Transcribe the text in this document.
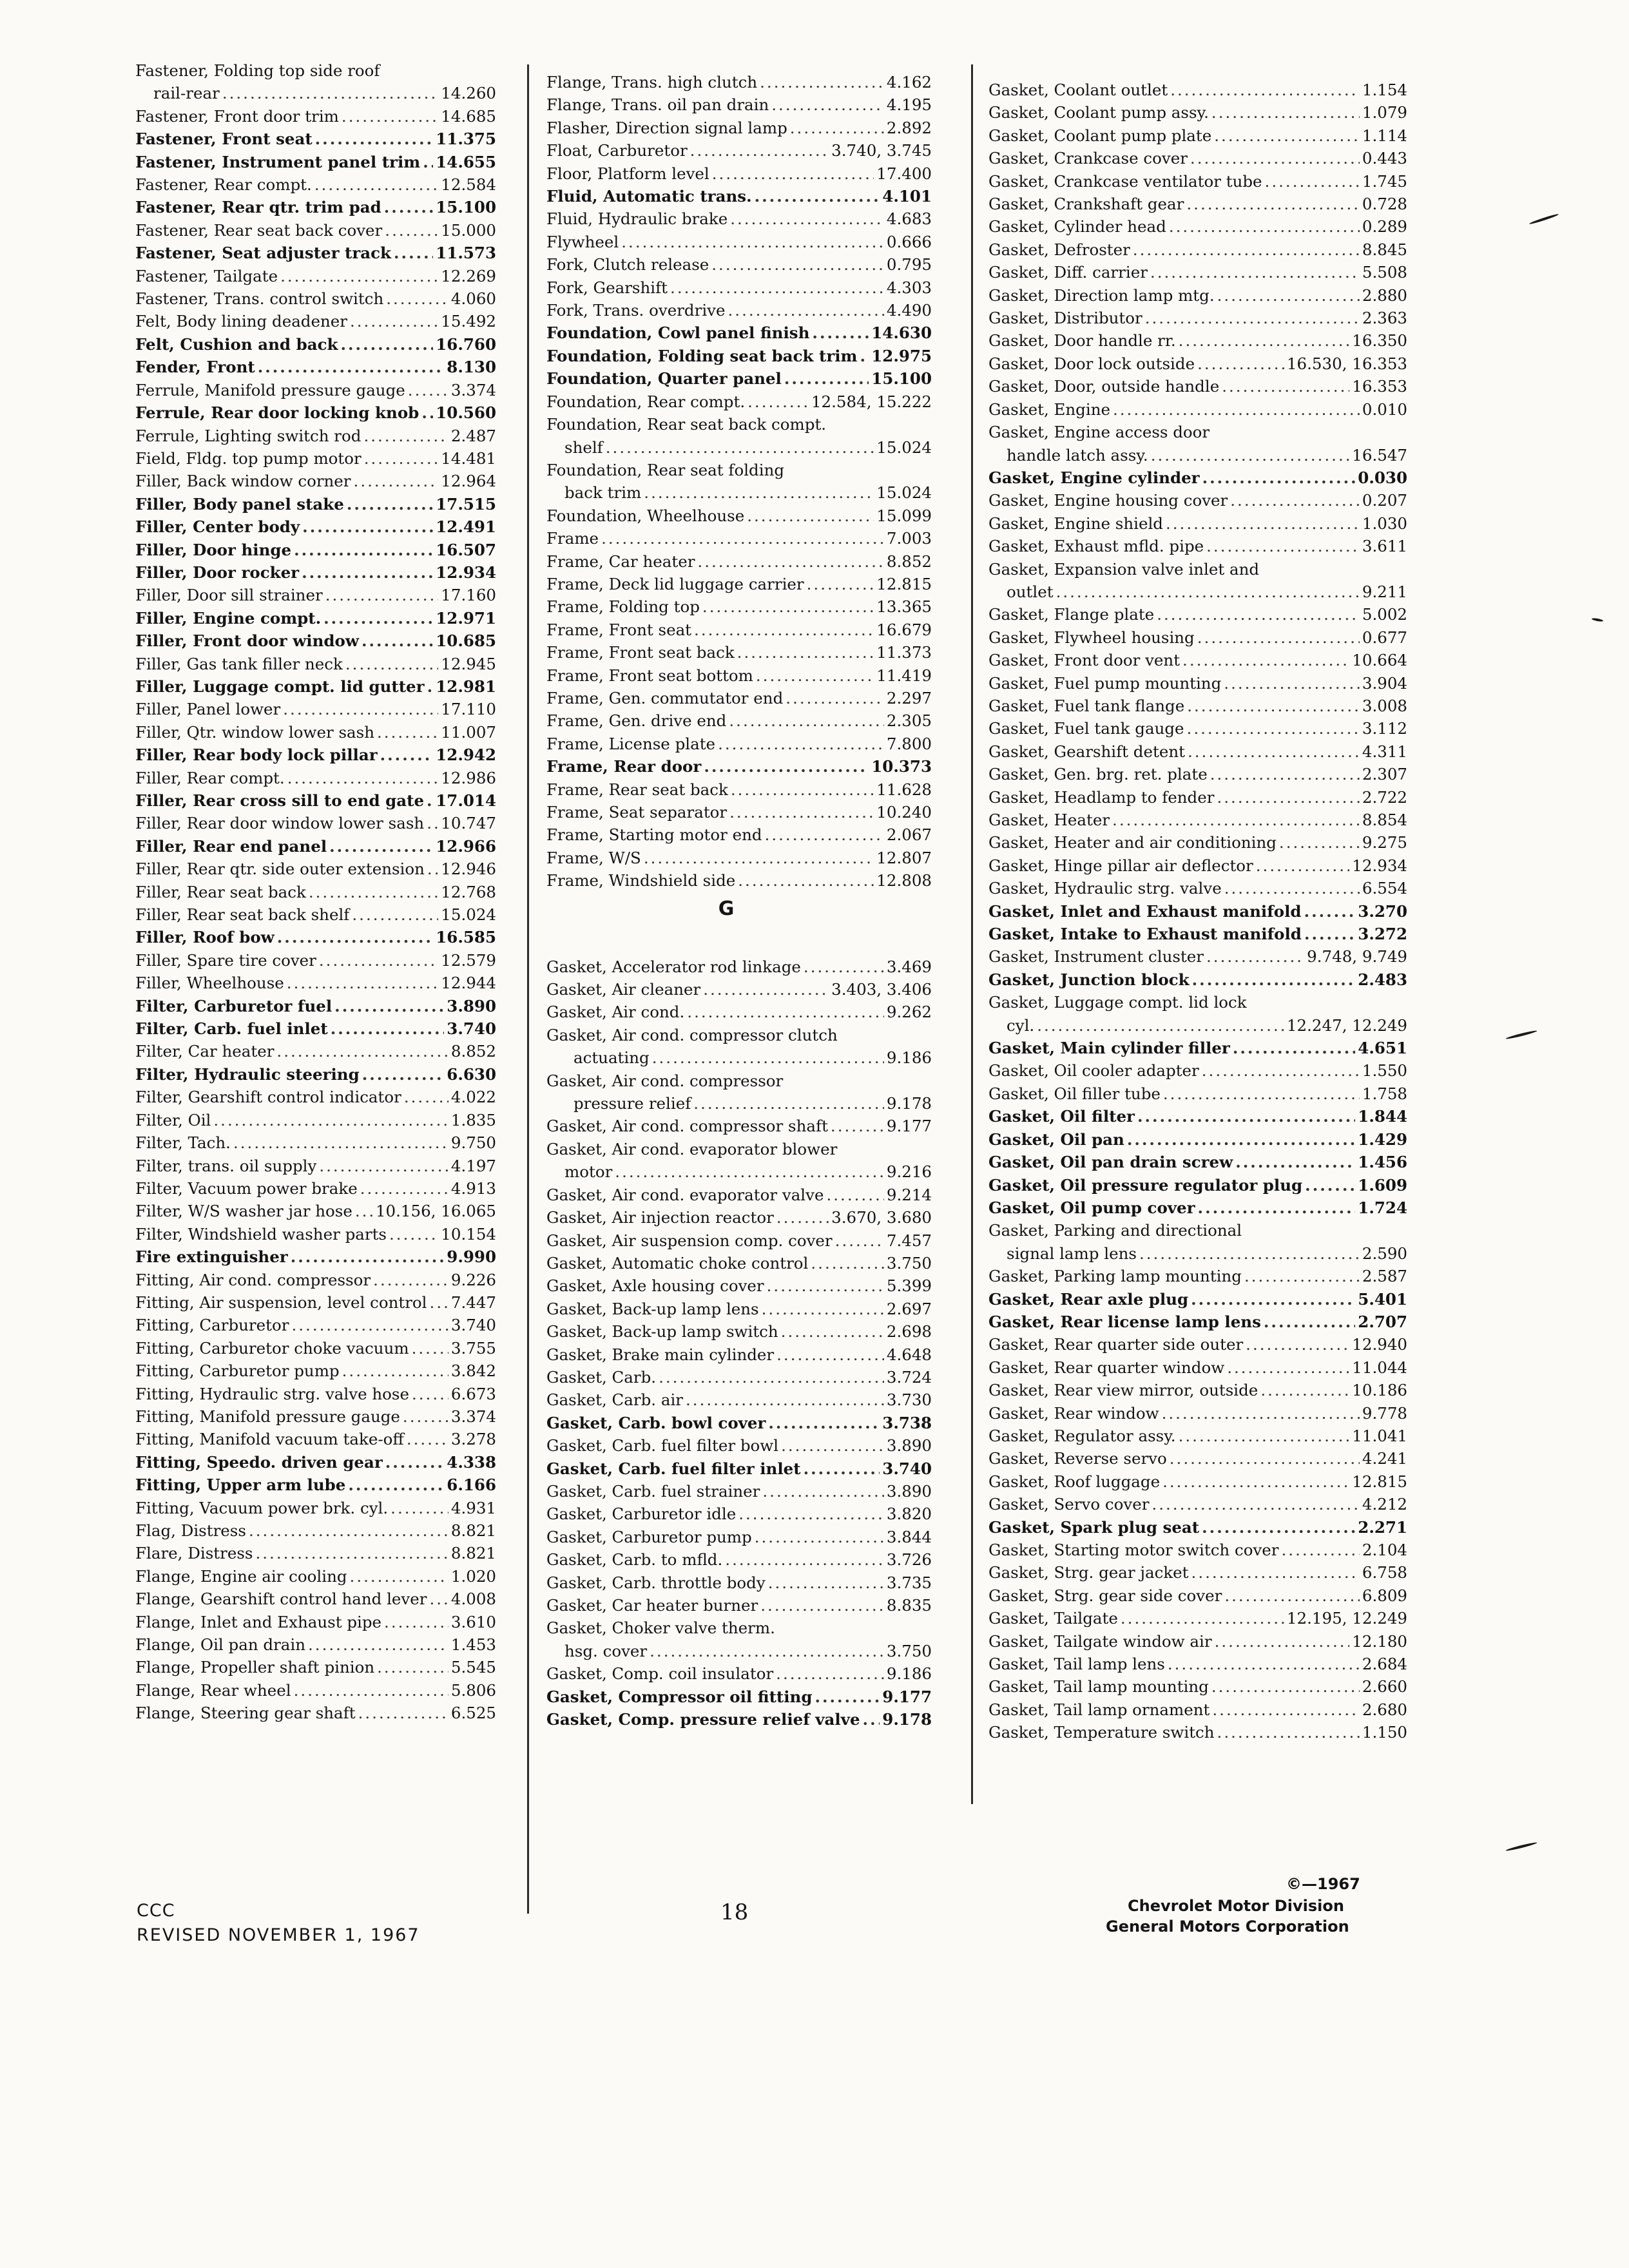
Fastener, Folding top side roof
rail-rear .....	14.260
Fastener, Front door trim .....	14.685
Fastener, Front seat .....	11.375
Fastener, Instrument panel trim ..... 14.655
Fastener, Rear compt. .....	12.584
Fastener, Rear qtr. trim pad .....	15.100
Fastener, Rear seat back cover .....	15.000
Fastener, Seat adjuster track .....	11.573
Fastener, Tailgate .....	12.269
Fastener, Trans. control switch .....	4.060
Felt, Body lining deadener .....	15.492
Felt, Cushion and back .....	16.760
Fender, Front .....	8.130
Ferrule, Manifold pressure gauge .....	3.374
Ferrule, Rear door locking knob ..... 10.560
Ferrule, Lighting switch rod .....	2.487
Field, Fldg. top pump motor .....	14.481
Filler, Back window corner .....	12.964
Filler, Body panel stake .....	17.515
Filler, Center body .....	12.491
Filler, Door hinge .....	16.507
Filler, Door rocker .....	12.934
Filler, Door sill strainer .....	17.160
Filler, Engine compt. .....	12.971
Filler, Front door window .....	10.685
Filler, Gas tank filler neck .....	12.945
Filler, Luggage compt. lid gutter ..... 12.981
Filler, Panel lower .....	17.110
Filler, Qtr. window lower sash .....	11.007
Filler, Rear body lock pillar .....	12.942
Filler, Rear compt. .....	12.986
Filler, Rear cross sill to end gate ..... 17.014
Filler, Rear door window lower sash ..... 10.747
Filler, Rear end panel .....	12.966
Filler, Rear qtr. side outer extension ..... 12.946
Filler, Rear seat back .....	12.768
Filler, Rear seat back shelf .....	15.024
Filler, Roof bow .....	16.585
Filler, Spare tire cover .....	12.579
Filler, Wheelhouse .....	12.944
Filter, Carburetor fuel .....	3.890
Filter, Carb. fuel inlet .....	3.740
Filter, Car heater .....	8.852
Filter, Hydraulic steering .....	6.630
Filter, Gearshift control indicator .....	4.022
Filter, Oil .....	1.835
Filter, Tach. .....	9.750
Filter, trans. oil supply .....	4.197
Filter, Vacuum power brake .....	4.913
Filter, W/S washer jar hose ..... 10.156, 16.065
Filter, Windshield washer parts .....	10.154
Fire extinguisher .....	9.990
Fitting, Air cond. compressor .....	9.226
Fitting, Air suspension, level control ..... 7.447
Fitting, Carburetor .....	3.740
Fitting, Carburetor choke vacuum .....	3.755
Fitting, Carburetor pump .....	3.842
Fitting, Hydraulic strg. valve hose .....	6.673
Fitting, Manifold pressure gauge .....	3.374
Fitting, Manifold vacuum take-off .....	3.278
Fitting, Speedo. driven gear .....	4.338
Fitting, Upper arm lube .....	6.166
Fitting, Vacuum power brk. cyl. .....	4.931
Flag, Distress .....	8.821
Flare, Distress .....	8.821
Flange, Engine air cooling .....	1.020
Flange, Gearshift control hand lever ..... 4.008
Flange, Inlet and Exhaust pipe .....	3.610
Flange, Oil pan drain .....	1.453
Flange, Propeller shaft pinion .....	5.545
Flange, Rear wheel .....	5.806
Flange, Steering gear shaft .....	6.525
Flange, Trans. high clutch .....	4.162
Flange, Trans. oil pan drain .....	4.195
Flasher, Direction signal lamp .....	2.892
Float, Carburetor .....	3.740, 3.745
Floor, Platform level .....	17.400
Fluid, Automatic trans. .....	4.101
Fluid, Hydraulic brake .....	4.683
Flywheel .....	0.666
Fork, Clutch release .....	0.795
Fork, Gearshift .....	4.303
Fork, Trans. overdrive .....	4.490
Foundation, Cowl panel finish .....	14.630
Foundation, Folding seat back trim ..... 12.975
Foundation, Quarter panel .....	15.100
Foundation, Rear compt. .....	12.584, 15.222
Foundation, Rear seat back compt.
shelf .....	15.024
Foundation, Rear seat folding
back trim .....	15.024
Foundation, Wheelhouse .....	15.099
Frame .....	7.003
Frame, Car heater .....	8.852
Frame, Deck lid luggage carrier .....	12.815
Frame, Folding top .....	13.365
Frame, Front seat .....	16.679
Frame, Front seat back .....	11.373
Frame, Front seat bottom .....	11.419
Frame, Gen. commutator end .....	2.297
Frame, Gen. drive end .....	2.305
Frame, License plate .....	7.800
Frame, Rear door .....	10.373
Frame, Rear seat back .....	11.628
Frame, Seat separator .....	10.240
Frame, Starting motor end .....	2.067
Frame, W/S .....	12.807
Frame, Windshield side .....	12.808
G
Gasket, Accelerator rod linkage .....	3.469
Gasket, Air cleaner .....	3.403, 3.406
Gasket, Air cond. .....	9.262
Gasket, Air cond. compressor clutch
actuating .....	9.186
Gasket, Air cond. compressor
pressure relief .....	9.178
Gasket, Air cond. compressor shaft .....	9.177
Gasket, Air cond. evaporator blower
motor .....	9.216
Gasket, Air cond. evaporator valve .....	9.214
Gasket, Air injection reactor .....	3.670, 3.680
Gasket, Air suspension comp. cover .....	7.457
Gasket, Automatic choke control .....	3.750
Gasket, Axle housing cover .....	5.399
Gasket, Back-up lamp lens .....	2.697
Gasket, Back-up lamp switch .....	2.698
Gasket, Brake main cylinder .....	4.648
Gasket, Carb. .....	3.724
Gasket, Carb. air .....	3.730
Gasket, Carb. bowl cover .....	3.738
Gasket, Carb. fuel filter bowl .....	3.890
Gasket, Carb. fuel filter inlet .....	3.740
Gasket, Carb. fuel strainer .....	3.890
Gasket, Carburetor idle .....	3.820
Gasket, Carburetor pump .....	3.844
Gasket, Carb. to mfld. .....	3.726
Gasket, Carb. throttle body .....	3.735
Gasket, Car heater burner .....	8.835
Gasket, Choker valve therm.
hsg. cover .....	3.750
Gasket, Comp. coil insulator .....	9.186
Gasket, Compressor oil fitting .....	9.177
Gasket, Comp. pressure relief valve ..... 9.178
Gasket, Coolant outlet .....	1.154
Gasket, Coolant pump assy. .....	1.079
Gasket, Coolant pump plate .....	1.114
Gasket, Crankcase cover .....	0.443
Gasket, Crankcase ventilator tube .....	1.745
Gasket, Crankshaft gear .....	0.728
Gasket, Cylinder head .....	0.289
Gasket, Defroster .....	8.845
Gasket, Diff. carrier .....	5.508
Gasket, Direction lamp mtg. .....	2.880
Gasket, Distributor .....	2.363
Gasket, Door handle rr. .....	16.350
Gasket, Door lock outside .....	16.530, 16.353
Gasket, Door, outside handle .....	16.353
Gasket, Engine .....	0.010
Gasket, Engine access door
handle latch assy. .....	16.547
Gasket, Engine cylinder .....	0.030
Gasket, Engine housing cover .....	0.207
Gasket, Engine shield .....	1.030
Gasket, Exhaust mfld. pipe .....	3.611
Gasket, Expansion valve inlet and
outlet .....	9.211
Gasket, Flange plate .....	5.002
Gasket, Flywheel housing .....	0.677
Gasket, Front door vent .....	10.664
Gasket, Fuel pump mounting .....	3.904
Gasket, Fuel tank flange .....	3.008
Gasket, Fuel tank gauge .....	3.112
Gasket, Gearshift detent .....	4.311
Gasket, Gen. brg. ret. plate .....	2.307
Gasket, Headlamp to fender .....	2.722
Gasket, Heater .....	8.854
Gasket, Heater and air conditioning .....	9.275
Gasket, Hinge pillar air deflector .....	12.934
Gasket, Hydraulic strg. valve .....	6.554
Gasket, Inlet and Exhaust manifold .....	3.270
Gasket, Intake to Exhaust manifold .....	3.272
Gasket, Instrument cluster .....	9.748, 9.749
Gasket, Junction block .....	2.483
Gasket, Luggage compt. lid lock
cyl. .....	12.247, 12.249
Gasket, Main cylinder filler .....	4.651
Gasket, Oil cooler adapter .....	1.550
Gasket, Oil filler tube .....	1.758
Gasket, Oil filter .....	1.844
Gasket, Oil pan .....	1.429
Gasket, Oil pan drain screw .....	1.456
Gasket, Oil pressure regulator plug .....	1.609
Gasket, Oil pump cover .....	1.724
Gasket, Parking and directional
signal lamp lens .....	2.590
Gasket, Parking lamp mounting .....	2.587
Gasket, Rear axle plug .....	5.401
Gasket, Rear license lamp lens .....	2.707
Gasket, Rear quarter side outer .....	12.940
Gasket, Rear quarter window .....	11.044
Gasket, Rear view mirror, outside .....	10.186
Gasket, Rear window .....	9.778
Gasket, Regulator assy. .....	11.041
Gasket, Reverse servo .....	4.241
Gasket, Roof luggage .....	12.815
Gasket, Servo cover .....	4.212
Gasket, Spark plug seat .....	2.271
Gasket, Starting motor switch cover .....	2.104
Gasket, Strg. gear jacket .....	6.758
Gasket, Strg. gear side cover .....	6.809
Gasket, Tailgate .....	12.195, 12.249
Gasket, Tailgate window air .....	12.180
Gasket, Tail lamp lens .....	2.684
Gasket, Tail lamp mounting .....	2.660
Gasket, Tail lamp ornament .....	2.680
Gasket, Temperature switch .....	1.150
CCC
REVISED NOVEMBER 1, 1967
18
©—1967
Chevrolet Motor Division
General Motors Corporation
